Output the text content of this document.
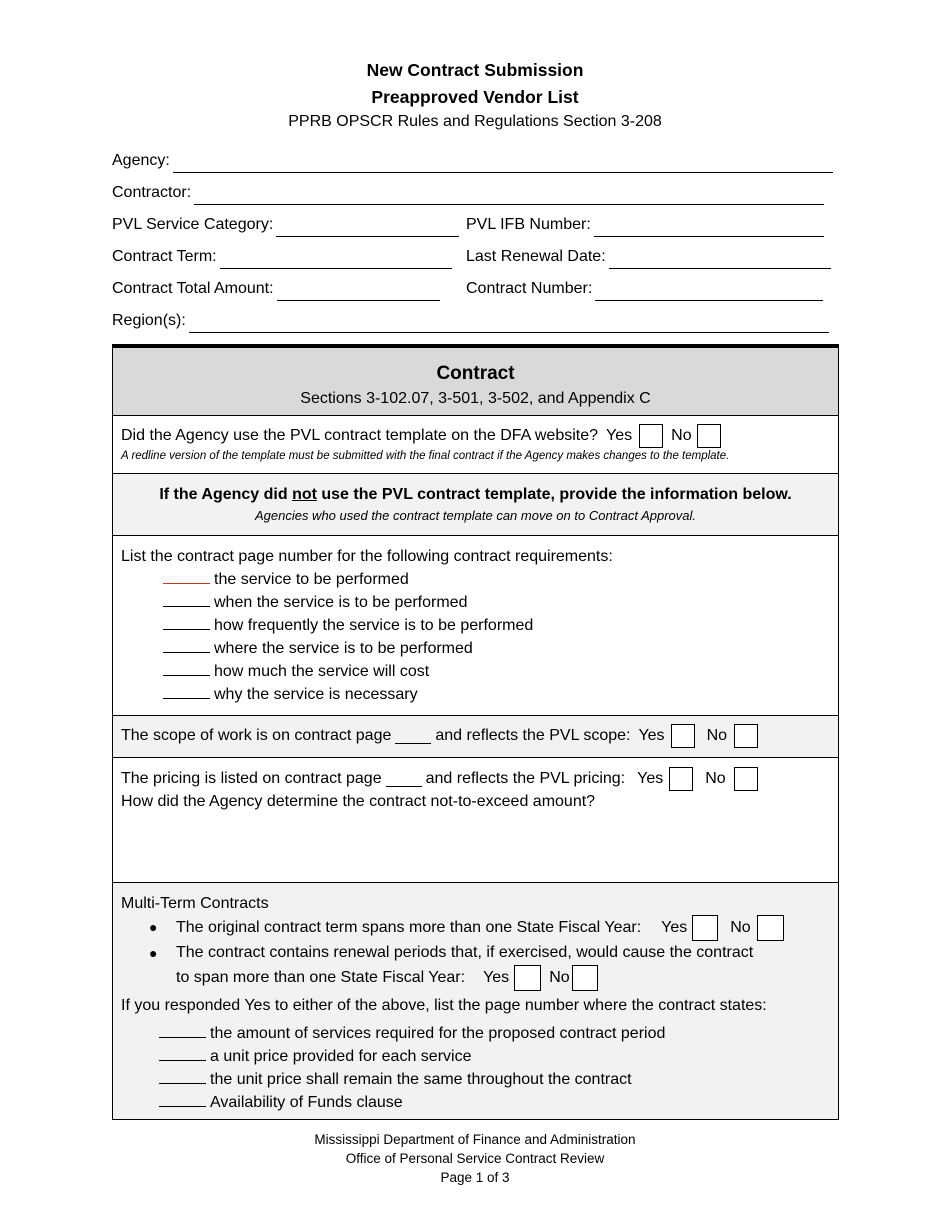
New Contract Submission
Preapproved Vendor List
PPRB OPSCR Rules and Regulations Section 3-208
Agency:
Contractor:
PVL Service Category:	PVL IFB Number:
Contract Term:	Last Renewal Date:
Contract Total Amount:	Contract Number:
Region(s):
Contract
Sections 3-102.07, 3-501, 3-502, and Appendix C
Did the Agency use the PVL contract template on the DFA website? Yes No
A redline version of the template must be submitted with the final contract if the Agency makes changes to the template.
If the Agency did not use the PVL contract template, provide the information below.
Agencies who used the contract template can move on to Contract Approval.
List the contract page number for the following contract requirements:
the service to be performed
when the service is to be performed
how frequently the service is to be performed
where the service is to be performed
how much the service will cost
why the service is necessary
The scope of work is on contract page	and reflects the PVL scope: Yes	No
The pricing is listed on contract page	and reflects the PVL pricing: Yes	No
How did the Agency determine the contract not-to-exceed amount?
Multi-Term Contracts
●	The original contract term spans more than one State Fiscal Year: Yes	No
●	The contract contains renewal periods that, if exercised, would cause the contract
to span more than one State Fiscal Year: Yes	No
If you responded Yes to either of the above, list the page number where the contract states:
the amount of services required for the proposed contract period
a unit price provided for each service
the unit price shall remain the same throughout the contract
Availability of Funds clause
Mississippi Department of Finance and Administration
Office of Personal Service Contract Review
Page 1 of 3
